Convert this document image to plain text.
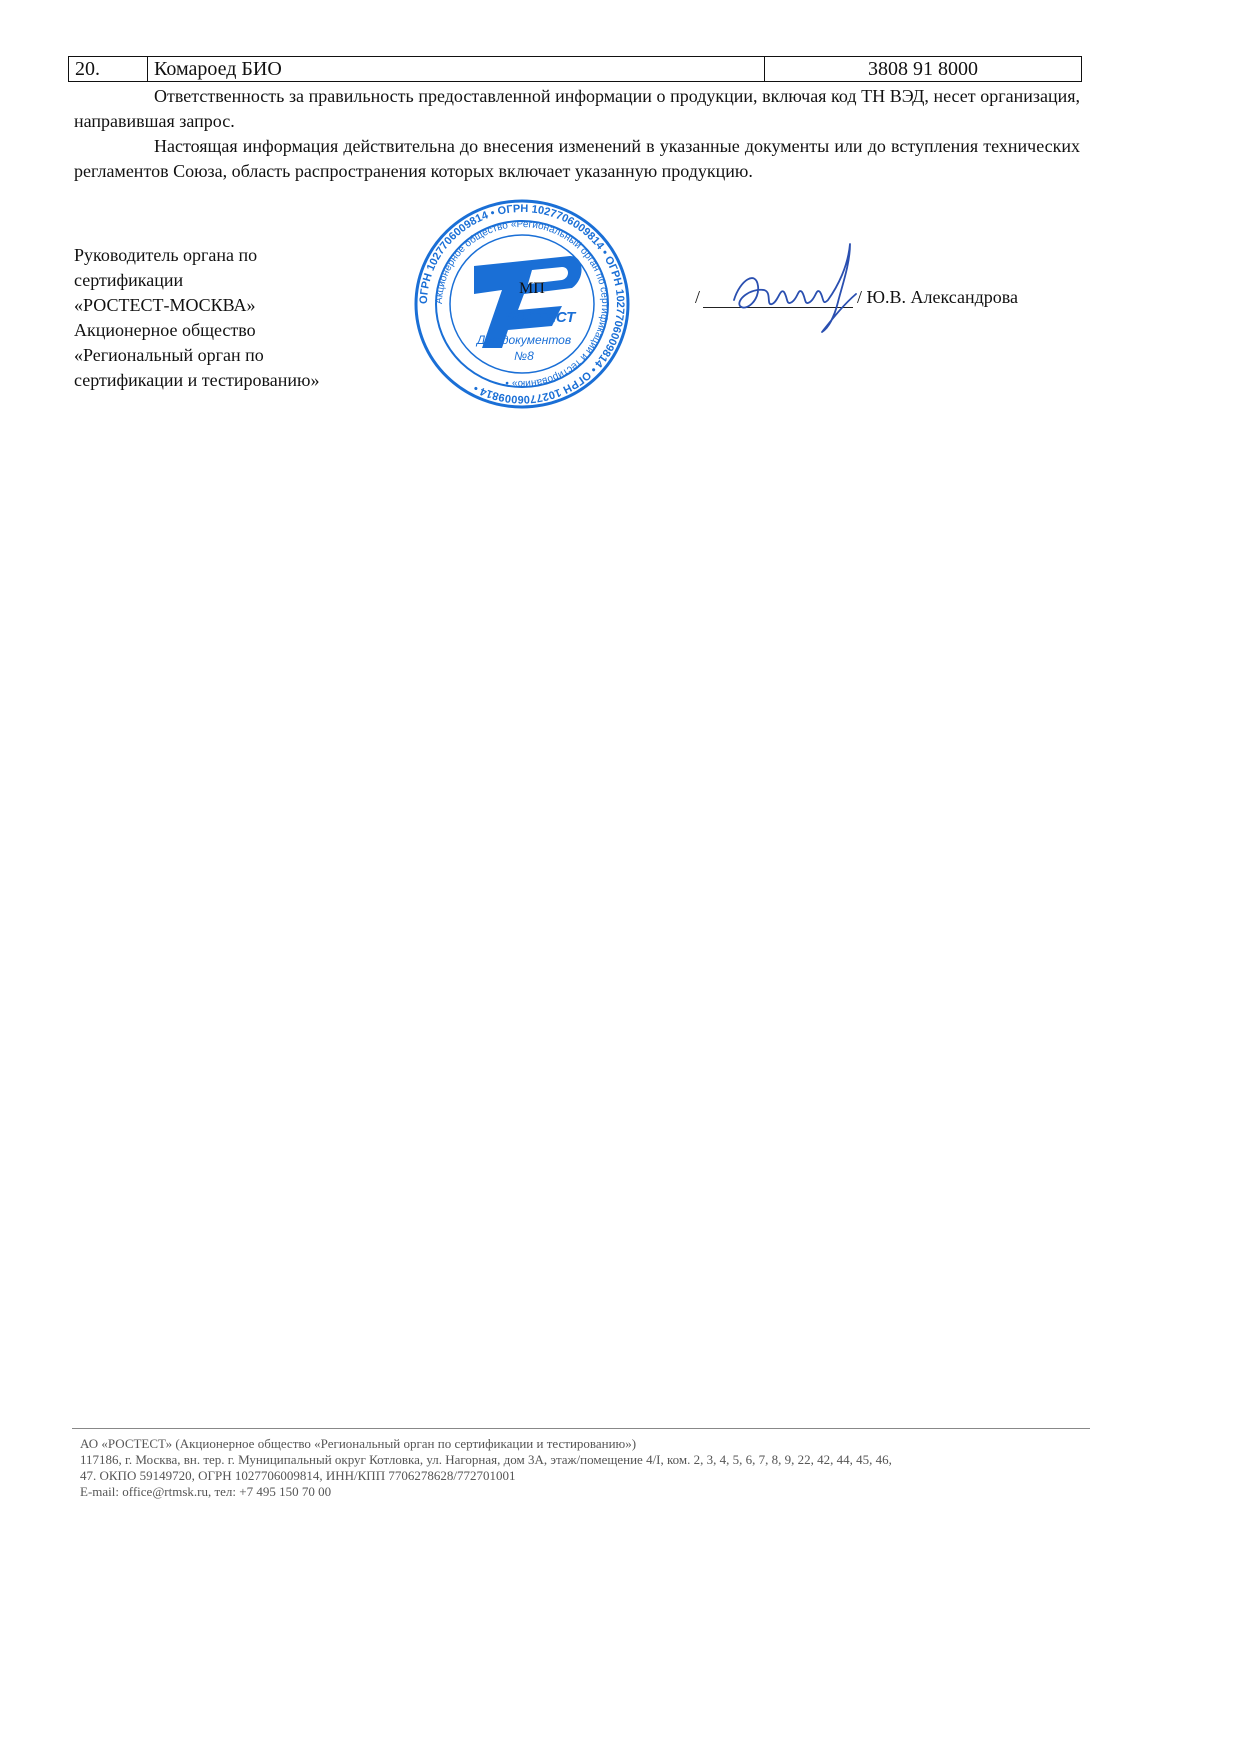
20.	Комароед БИО	3808 91 8000

Ответственность за правильность предоставленной информации о продукции, включая код ТН ВЭД, несет организация, направившая запрос.

Настоящая информация действительна до внесения изменений в указанные документы или до вступления технических регламентов Союза, область распространения которых включает указанную продукцию.

Руководитель органа по
сертификации
«РОСТЕСТ-МОСКВА»
Акционерное общество
«Региональный орган по
сертификации и тестированию»
ОГРН 1027706009814 • ОГРН 1027706009814 • ОГРН 1027706009814 • ОГРН 1027706009814 •
Акционерное общество «Региональный орган по сертификации и тестированию» •
РОСТЕСТ
Для документов
№8
МП	/	/ Ю.В. Александрова
АО «РОСТЕСТ» (Акционерное общество «Региональный орган по сертификации и тестированию»)
117186, г. Москва, вн. тер. г. Муниципальный округ Котловка, ул. Нагорная, дом 3А, этаж/помещение 4/I, ком. 2, 3, 4, 5, 6, 7, 8, 9, 22, 42, 44, 45, 46,
47. ОКПО 59149720, ОГРН 1027706009814, ИНН/КПП 7706278628/772701001
E-mail: office@rtmsk.ru, тел: +7 495 150 70 00
